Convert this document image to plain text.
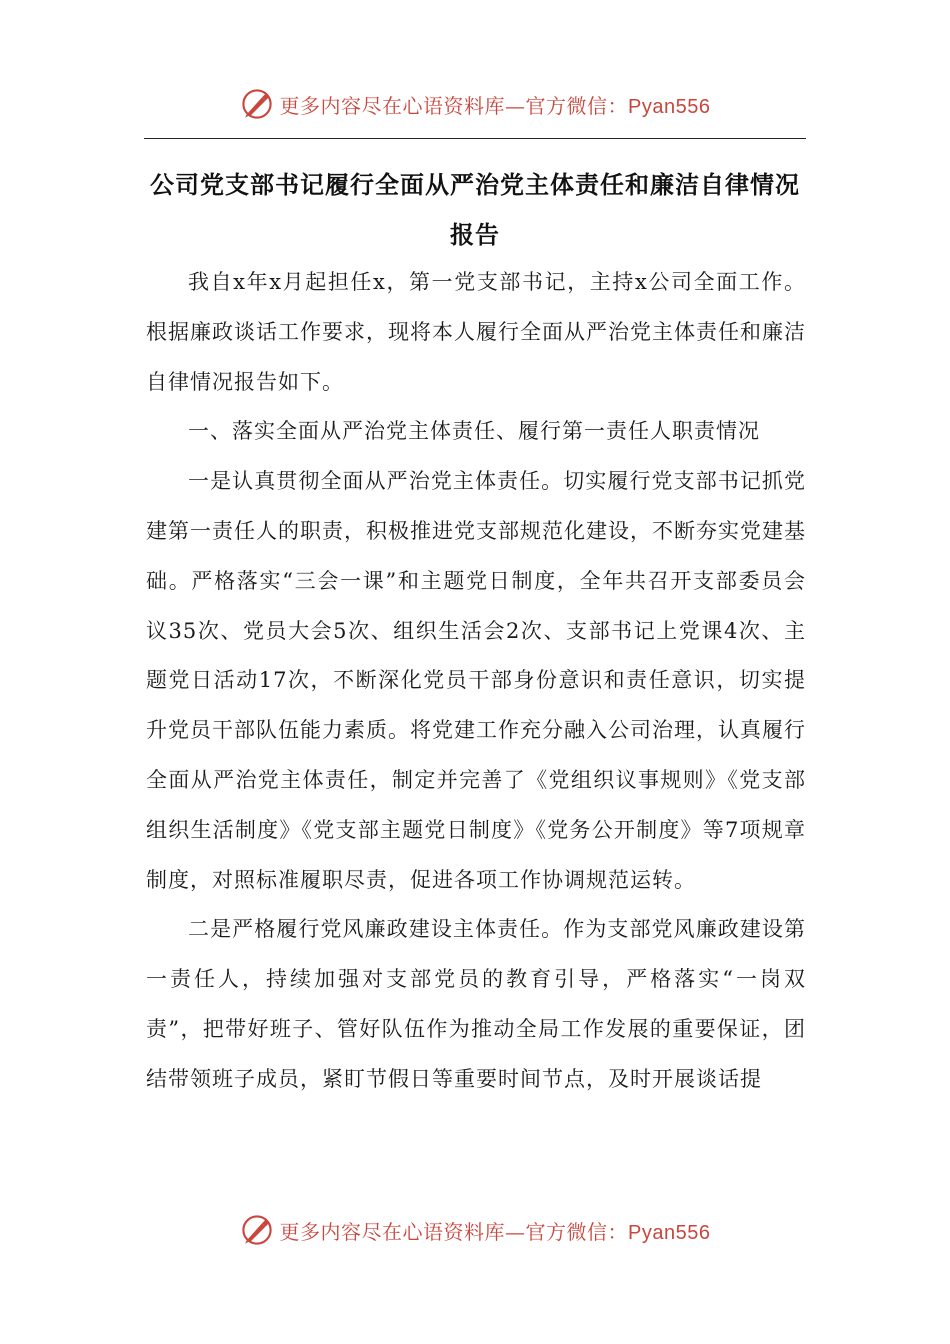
更多内容尽在心语资料库—官方微信：Pyan556
公司党支部书记履行全面从严治党主体责任和廉洁自律情况报告

我自x年x月起担任x，第一党支部书记，主持x公司全面工作。根据廉政谈话工作要求，现将本人履行全面从严治党主体责任和廉洁自律情况报告如下。

一、落实全面从严治党主体责任、履行第一责任人职责情况

一是认真贯彻全面从严治党主体责任。切实履行党支部书记抓党建第一责任人的职责，积极推进党支部规范化建设，不断夯实党建基础。严格落实“三会一课”和主题党日制度，全年共召开支部委员会议35次、党员大会5次、组织生活会2次、支部书记上党课4次、主题党日活动17次，不断深化党员干部身份意识和责任意识，切实提升党员干部队伍能力素质。将党建工作充分融入公司治理，认真履行全面从严治党主体责任，制定并完善了《党组织议事规则》《党支部组织生活制度》《党支部主题党日制度》《党务公开制度》等7项规章制度，对照标准履职尽责，促进各项工作协调规范运转。

二是严格履行党风廉政建设主体责任。作为支部党风廉政建设第一责任人，持续加强对支部党员的教育引导，严格落实“一岗双责”，把带好班子、管好队伍作为推动全局工作发展的重要保证，团结带领班子成员，紧盯节假日等重要时间节点，及时开展谈话提

更多内容尽在心语资料库—官方微信：Pyan556
